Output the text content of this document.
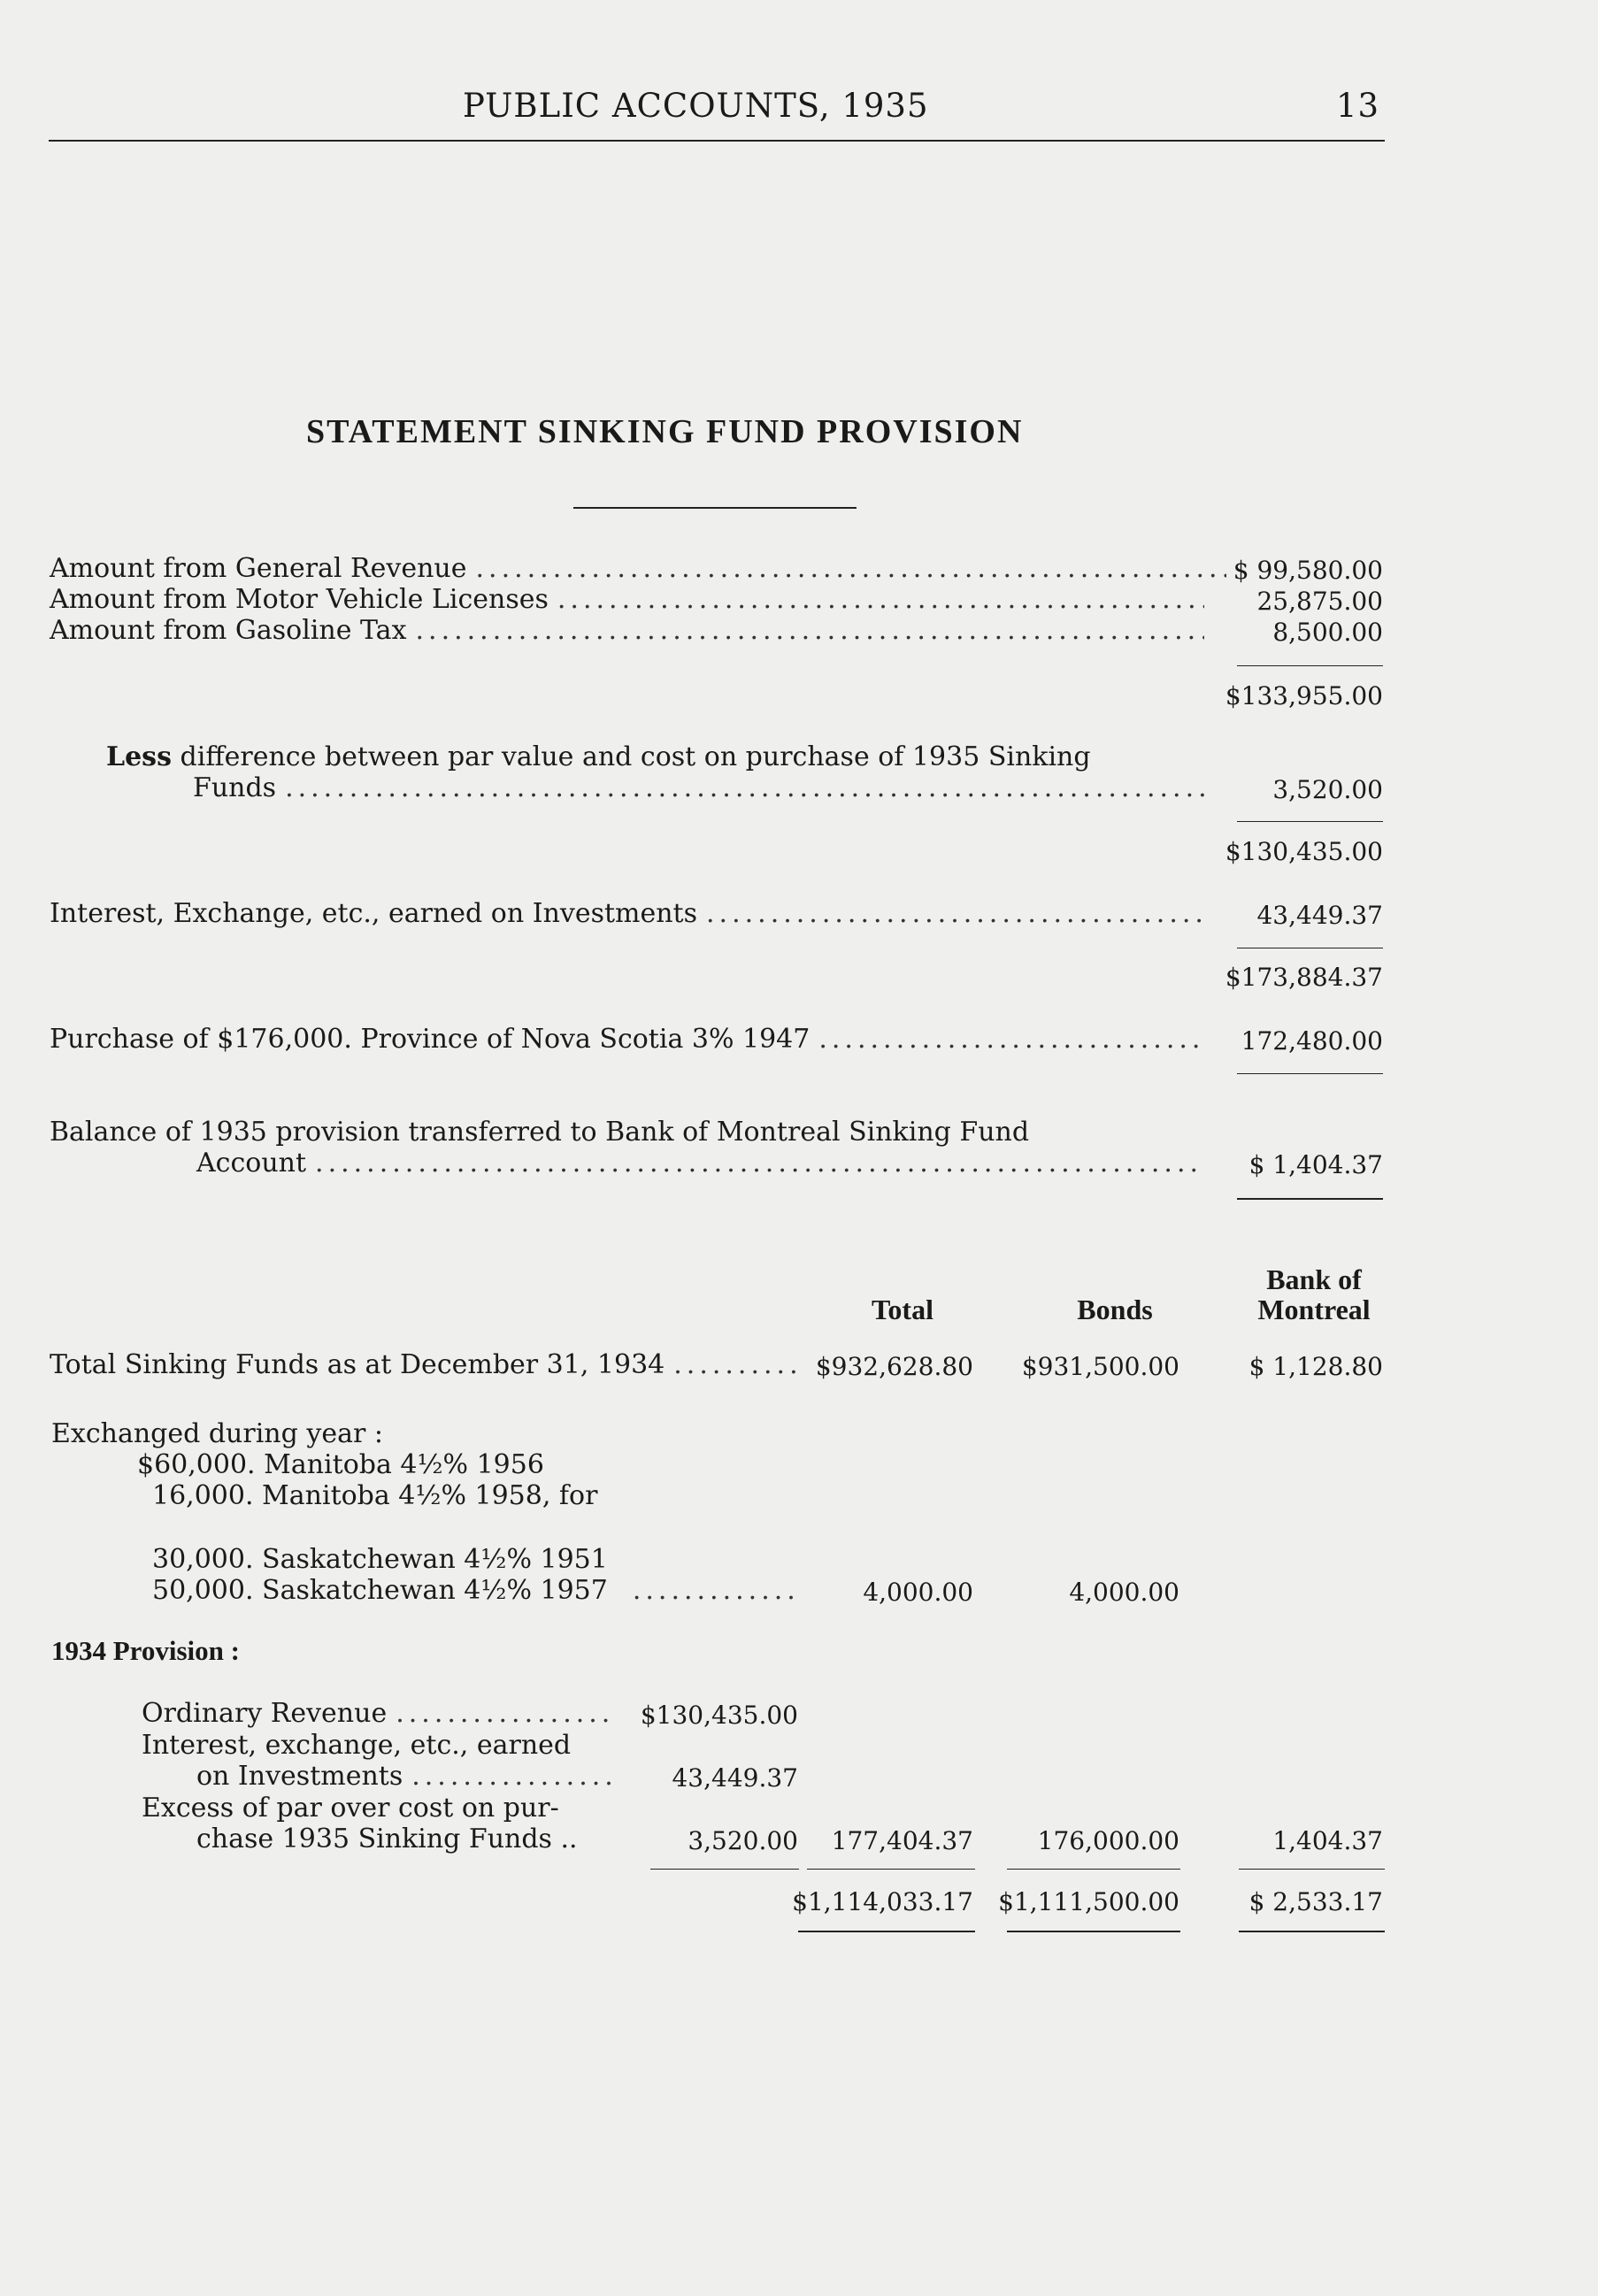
PUBLIC ACCOUNTS, 1935	13
STATEMENT SINKING FUND PROVISION
Amount from General Revenue .....	$ 99,580.00
Amount from Motor Vehicle Licenses .....	25,875.00
Amount from Gasoline Tax .....	8,500.00
$133,955.00
Less difference between par value and cost on purchase of 1935 Sinking
Funds .....	3,520.00
$130,435.00
Interest, Exchange, etc., earned on Investments .....	43,449.37
$173,884.37
Purchase of $176,000. Province of Nova Scotia 3% 1947 .....	172,480.00
Balance of 1935 provision transferred to Bank of Montreal Sinking Fund
Account .....	$ 1,404.37
Total	Bonds
Bank of
Montreal
Total Sinking Funds as at December 31, 1934 .....	$932,628.80 $931,500.00	$ 1,128.80
Exchanged during year :
$60,000. Manitoba 4½% 1956
16,000. Manitoba 4½% 1958, for
30,000. Saskatchewan 4½% 1951
50,000. Saskatchewan 4½% 1957 .....	4,000.00	4,000.00
1934 Provision :
Ordinary Revenue .....	$130,435.00
Interest, exchange, etc., earned
on Investments .....	43,449.37
Excess of par over cost on pur-
chase 1935 Sinking Funds ..	3,520.00 177,404.37	176,000.00	1,404.37
$1,114,033.17 $1,111,500.00	$ 2,533.17
